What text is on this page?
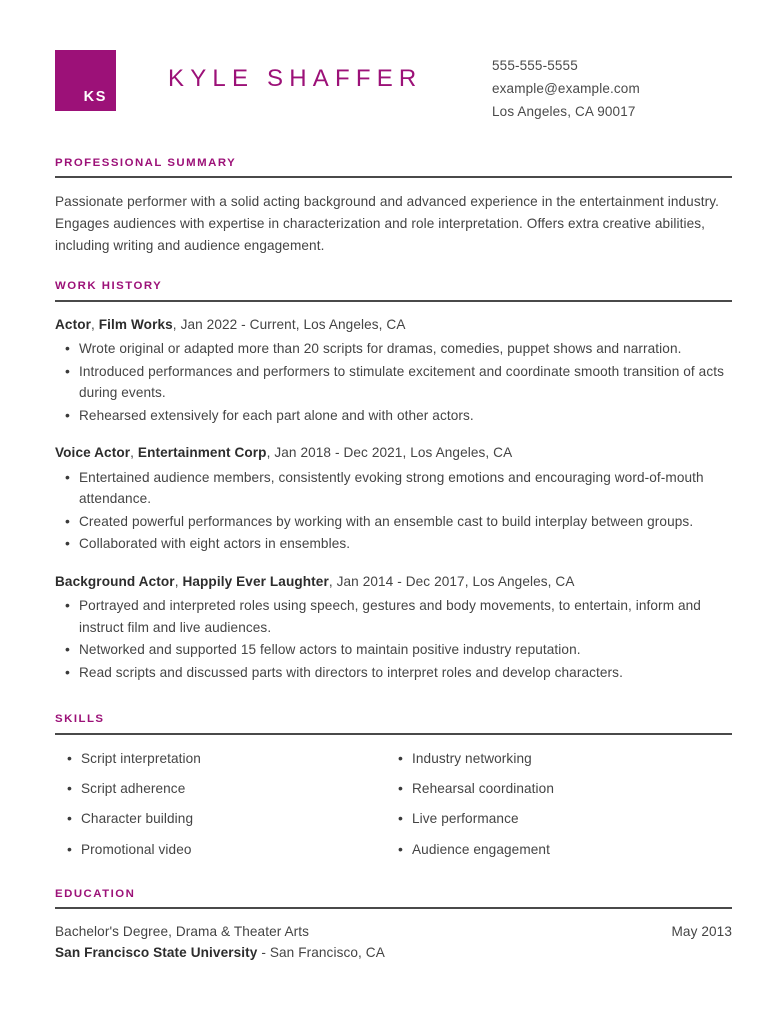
KS
KYLE SHAFFER	555-555-5555
example@example.com
Los Angeles, CA 90017
PROFESSIONAL SUMMARY

Passionate performer with a solid acting background and advanced experience in the entertainment industry. Engages audiences with expertise in characterization and role interpretation. Offers extra creative abilities, including writing and audience engagement.

WORK HISTORY

Actor, Film Works, Jan 2022 - Current, Los Angeles, CA

• Wrote original or adapted more than 20 scripts for dramas, comedies, puppet shows and narration.
• Introduced performances and performers to stimulate excitement and coordinate smooth transition of acts during events.
• Rehearsed extensively for each part alone and with other actors.

Voice Actor, Entertainment Corp, Jan 2018 - Dec 2021, Los Angeles, CA

• Entertained audience members, consistently evoking strong emotions and encouraging word-of-mouth attendance.
• Created powerful performances by working with an ensemble cast to build interplay between groups.
• Collaborated with eight actors in ensembles.

Background Actor, Happily Ever Laughter, Jan 2014 - Dec 2017, Los Angeles, CA

• Portrayed and interpreted roles using speech, gestures and body movements, to entertain, inform and instruct film and live audiences.
• Networked and supported 15 fellow actors to maintain positive industry reputation.
• Read scripts and discussed parts with directors to interpret roles and develop characters.
SKILLS
• Script interpretation
• Script adherence
• Character building
• Promotional video
• Industry networking
• Rehearsal coordination
• Live performance
• Audience engagement
EDUCATION
Bachelor's Degree, Drama & Theater Arts	May 2013
San Francisco State University - San Francisco, CA
